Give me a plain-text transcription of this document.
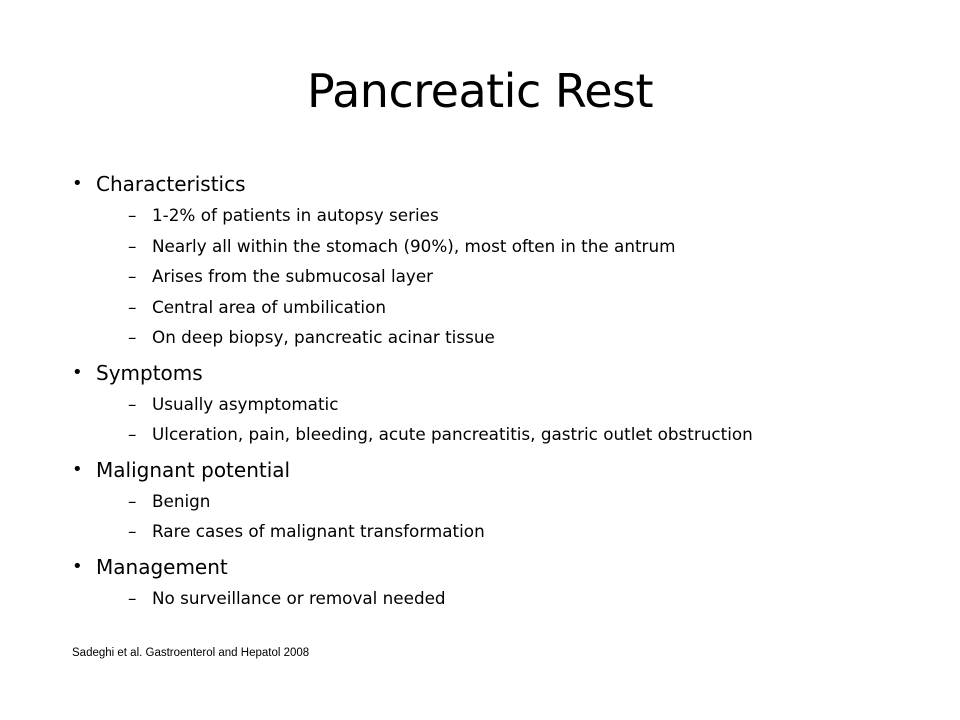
Pancreatic Rest
• Characteristics
– 1-2% of patients in autopsy series
– Nearly all within the stomach (90%), most often in the antrum
– Arises from the submucosal layer
– Central area of umbilication
– On deep biopsy, pancreatic acinar tissue
• Symptoms
– Usually asymptomatic
– Ulceration, pain, bleeding, acute pancreatitis, gastric outlet obstruction
• Malignant potential
– Benign
– Rare cases of malignant transformation
• Management
– No surveillance or removal needed
Sadeghi et al. Gastroenterol and Hepatol 2008
